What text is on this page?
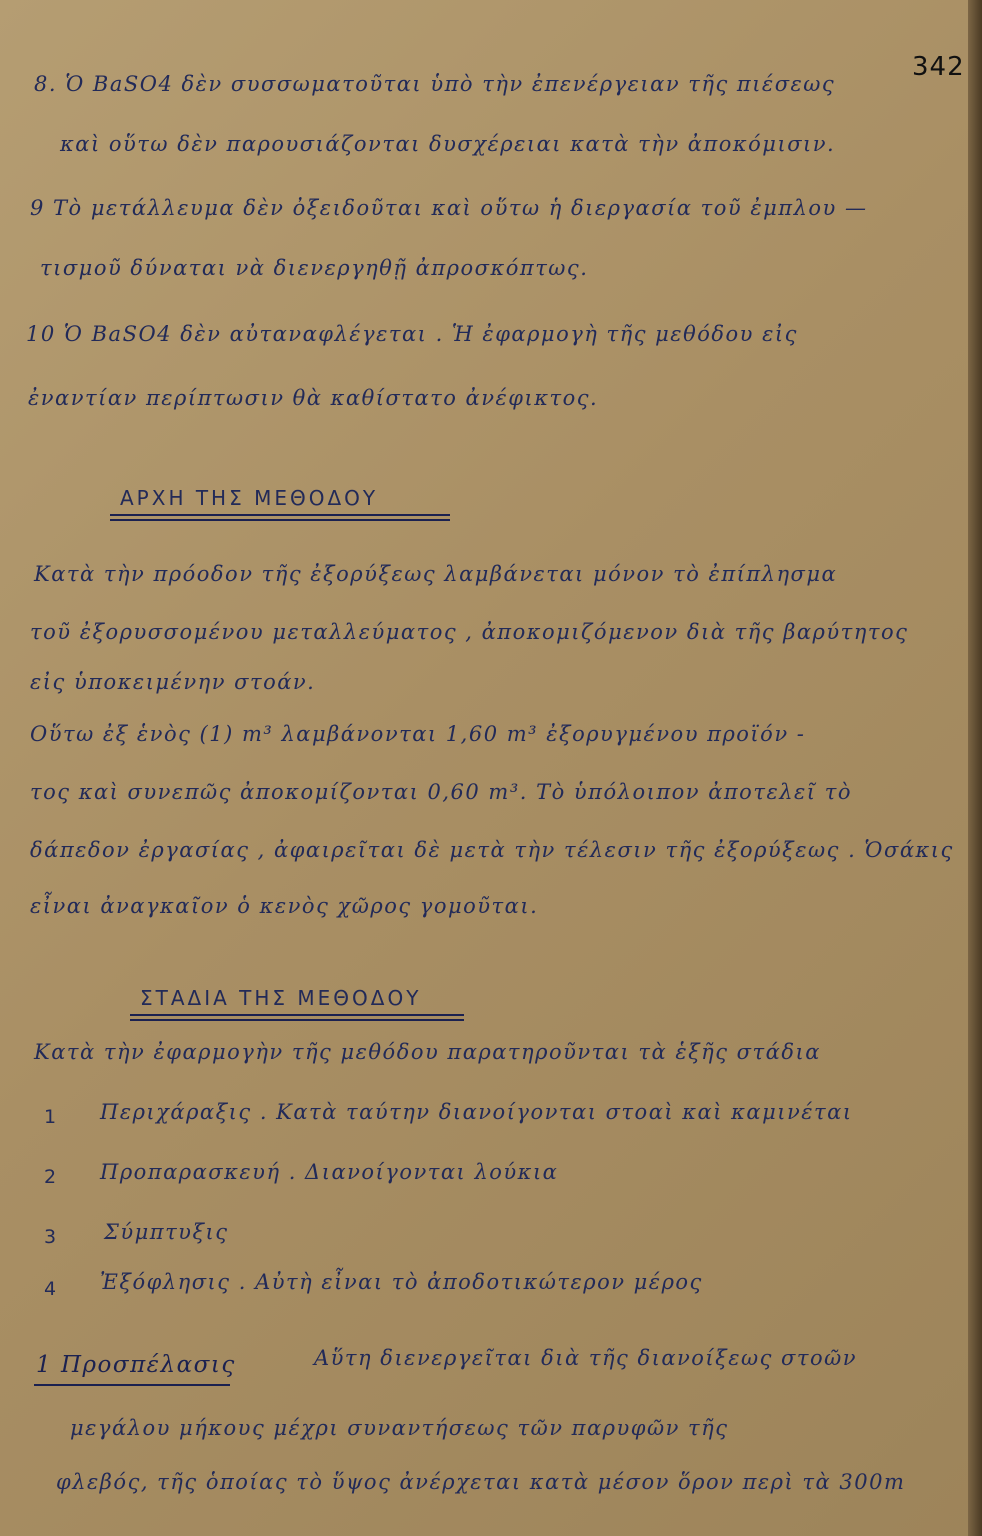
342
8. Ὁ BaSO4 δὲν συσσωματοῦται ὑπὸ τὴν ἐπενέργειαν τῆς πιέσεως
καὶ οὕτω δὲν παρουσιάζονται δυσχέρειαι κατὰ τὴν ἀποκόμισιν.
9 Τὸ μετάλλευμα δὲν ὀξειδοῦται καὶ οὕτω ἡ διεργασία τοῦ ἐμπλου —
τισμοῦ δύναται νὰ διενεργηθῇ ἀπροσκόπτως.
10 Ὁ BaSO4 δὲν αὐταναφλέγεται . Ἡ ἐφαρμογὴ τῆς μεθόδου εἰς
ἐναντίαν περίπτωσιν θὰ καθίστατο ἀνέφικτος.
ΑΡΧΗ ΤΗΣ ΜΕΘΟΔΟΥ
Κατὰ τὴν πρόοδον τῆς ἐξορύξεως λαμβάνεται μόνον τὸ ἐπίπλησμα
τοῦ ἐξορυσσομένου μεταλλεύματος , ἀποκομιζόμενον διὰ τῆς βαρύτητος
εἰς ὑποκειμένην στοάν.
Οὕτω ἐξ ἑνὸς (1) m³ λαμβάνονται 1,60 m³ ἐξορυγμένου προϊόν -
τος καὶ συνεπῶς ἀποκομίζονται 0,60 m³. Τὸ ὑπόλοιπον ἀποτελεῖ τὸ
δάπεδον ἐργασίας , ἀφαιρεῖται δὲ μετὰ τὴν τέλεσιν τῆς ἐξορύξεως . Ὁσάκις
εἶναι ἀναγκαῖον ὁ κενὸς χῶρος γομοῦται.
ΣΤΑΔΙΑ ΤΗΣ ΜΕΘΟΔΟΥ
Κατὰ τὴν ἐφαρμογὴν τῆς μεθόδου παρατηροῦνται τὰ ἑξῆς στάδια
1 Περιχάραξις . Κατὰ ταύτην διανοίγονται στοαὶ καὶ καμινέται
2 Προπαρασκευή . Διανοίγονται λούκια
3 Σύμπτυξις
4 Ἐξόφλησις . Αὐτὴ εἶναι τὸ ἀποδοτικώτερον μέρος
1 Προσπέλασις	Αὕτη διενεργεῖται διὰ τῆς διανοίξεως στοῶν
μεγάλου μήκους μέχρι συναντήσεως τῶν παρυφῶν τῆς
φλεβός, τῆς ὁποίας τὸ ὕψος ἀνέρχεται κατὰ μέσον ὅρον περὶ τὰ 300m
